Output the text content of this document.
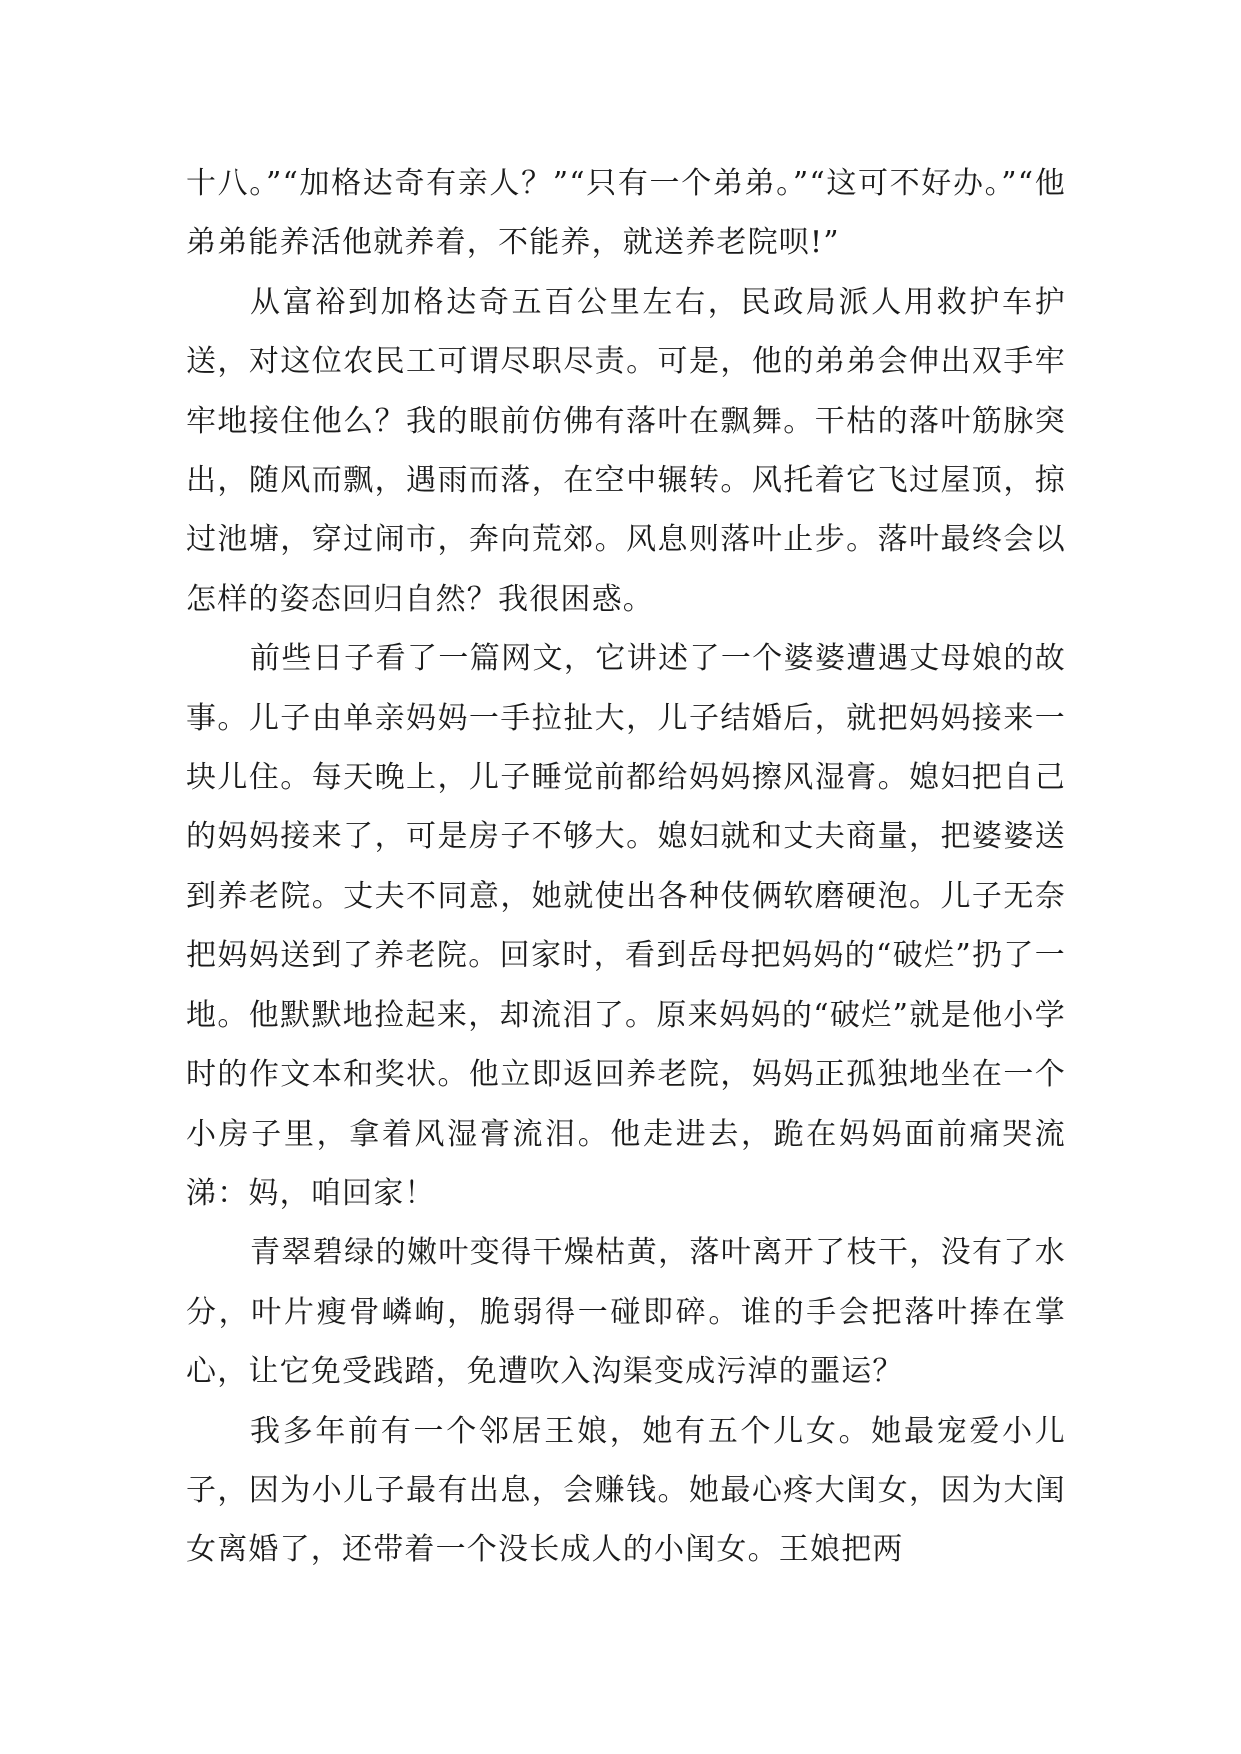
十八。”“加格达奇有亲人？”“只有一个弟弟。”“这可不好办。”“他弟弟能养活他就养着，不能养，就送养老院呗!”

从富裕到加格达奇五百公里左右，民政局派人用救护车护送，对这位农民工可谓尽职尽责。可是，他的弟弟会伸出双手牢牢地接住他么？我的眼前仿佛有落叶在飘舞。干枯的落叶筋脉突出，随风而飘，遇雨而落，在空中辗转。风托着它飞过屋顶，掠过池塘，穿过闹市，奔向荒郊。风息则落叶止步。落叶最终会以怎样的姿态回归自然？我很困惑。

前些日子看了一篇网文，它讲述了一个婆婆遭遇丈母娘的故事。儿子由单亲妈妈一手拉扯大，儿子结婚后，就把妈妈接来一块儿住。每天晚上，儿子睡觉前都给妈妈擦风湿膏。媳妇把自己的妈妈接来了，可是房子不够大。媳妇就和丈夫商量，把婆婆送到养老院。丈夫不同意，她就使出各种伎俩软磨硬泡。儿子无奈把妈妈送到了养老院。回家时，看到岳母把妈妈的“破烂”扔了一地。他默默地捡起来，却流泪了。原来妈妈的“破烂”就是他小学时的作文本和奖状。他立即返回养老院，妈妈正孤独地坐在一个小房子里，拿着风湿膏流泪。他走进去，跪在妈妈面前痛哭流涕：妈，咱回家！

青翠碧绿的嫩叶变得干燥枯黄，落叶离开了枝干，没有了水分，叶片瘦骨嶙峋，脆弱得一碰即碎。谁的手会把落叶捧在掌心，让它免受践踏，免遭吹入沟渠变成污淖的噩运？

我多年前有一个邻居王娘，她有五个儿女。她最宠爱小儿子，因为小儿子最有出息，会赚钱。她最心疼大闺女，因为大闺女离婚了，还带着一个没长成人的小闺女。王娘把两
